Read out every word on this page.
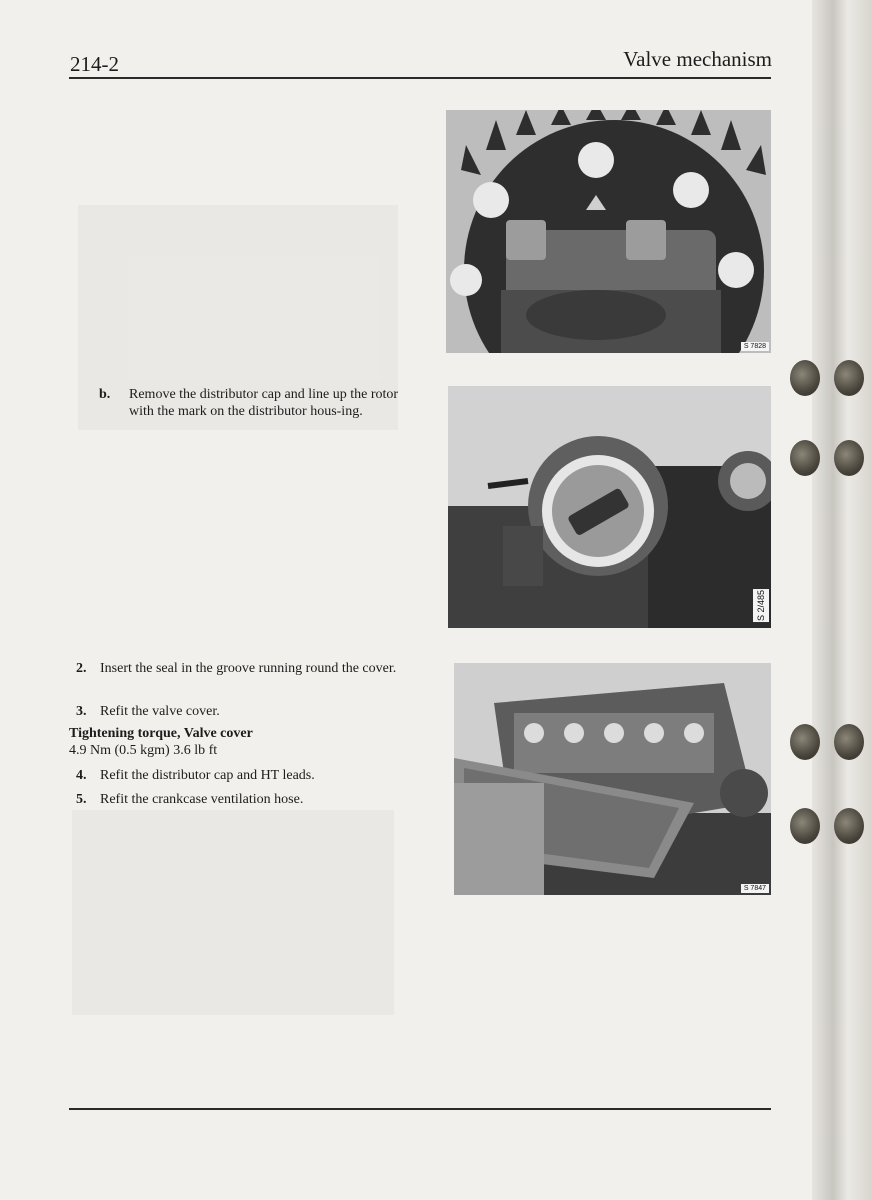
214-2	Valve mechanism
S 7828
S 2/485
S 7847
b. Remove the distributor cap and line up the rotor with the mark on the distributor hous-ing.
2. Insert the seal in the groove running round the cover.
3. Refit the valve cover.
Tightening torque, Valve cover
4.9 Nm (0.5 kgm) 3.6 lb ft
4. Refit the distributor cap and HT leads.
5. Refit the crankcase ventilation hose.
